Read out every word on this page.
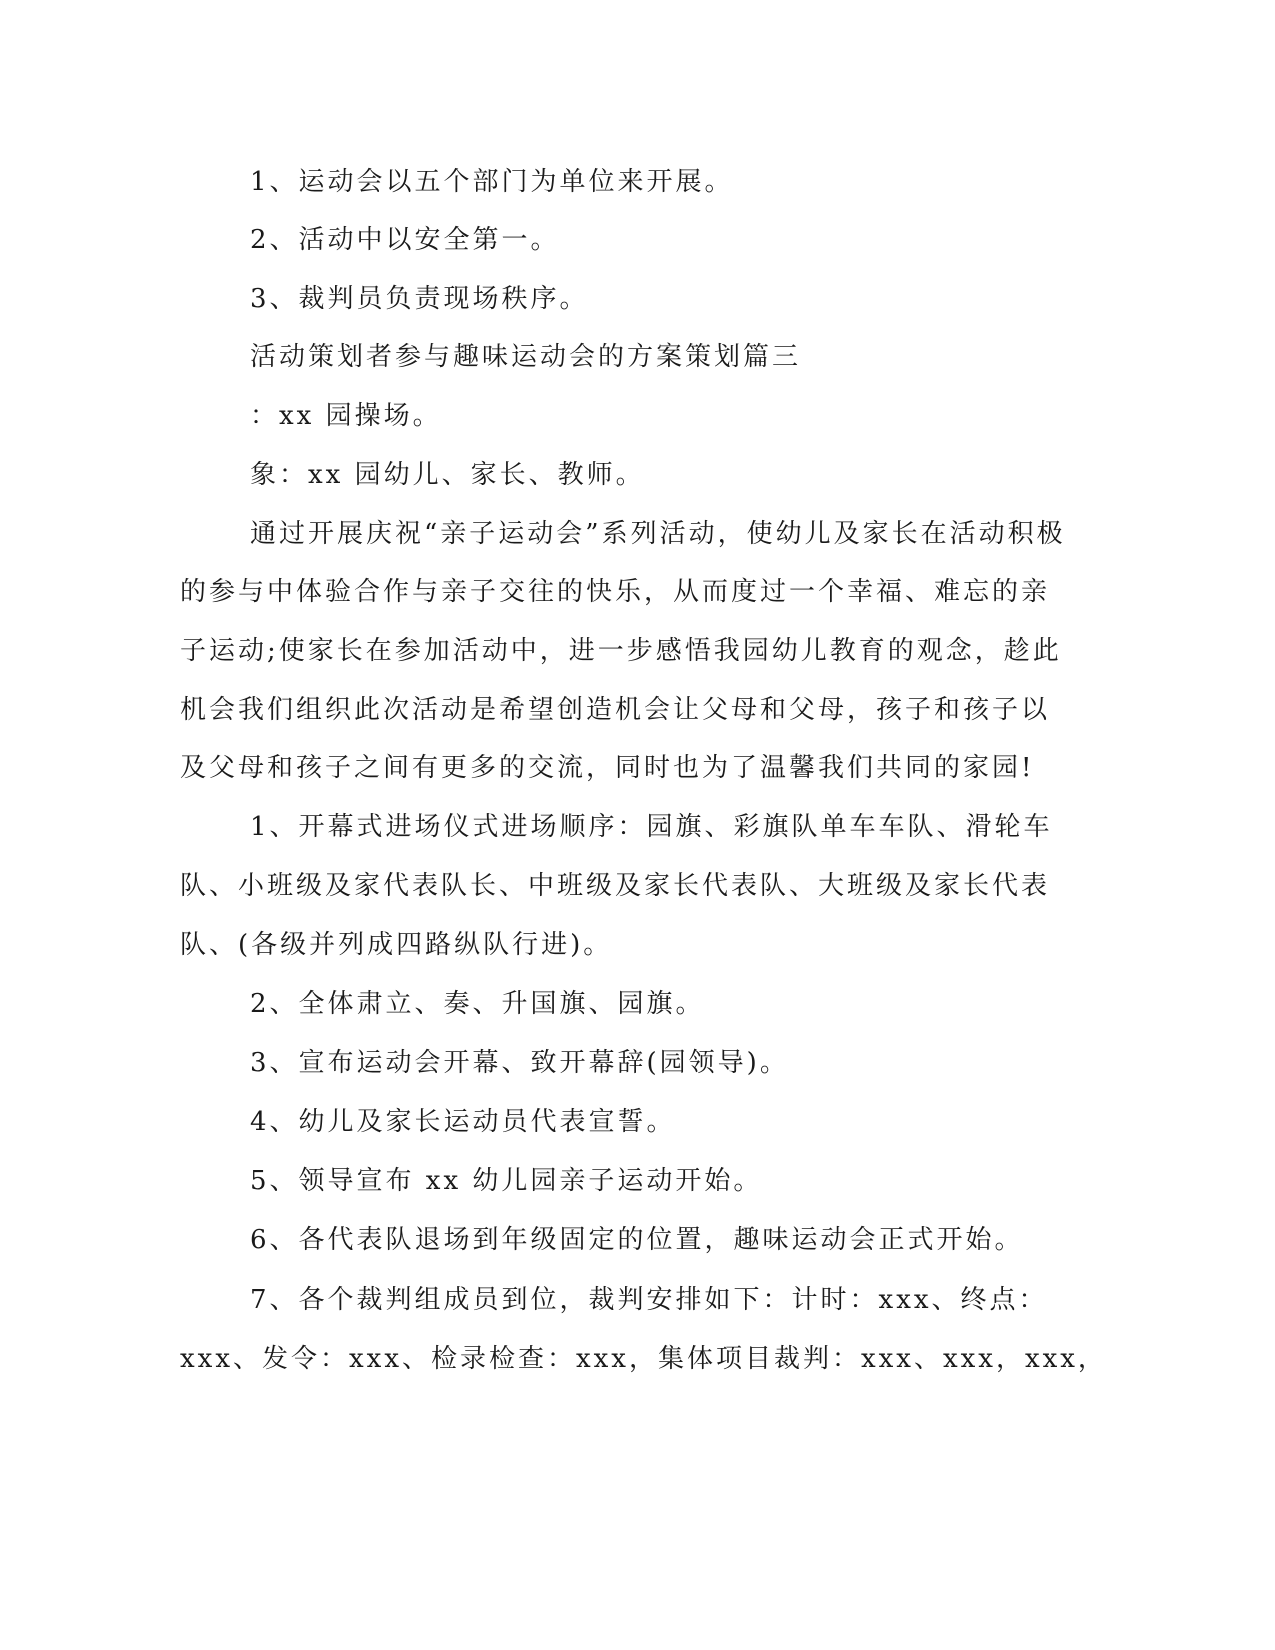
1、运动会以五个部门为单位来开展。
2、活动中以安全第一。
3、裁判员负责现场秩序。
活动策划者参与趣味运动会的方案策划篇三
：xx 园操场。
象：xx 园幼儿、家长、教师。
通过开展庆祝“亲子运动会”系列活动，使幼儿及家长在活动积极
的参与中体验合作与亲子交往的快乐，从而度过一个幸福、难忘的亲
子运动;使家长在参加活动中，进一步感悟我园幼儿教育的观念，趁此
机会我们组织此次活动是希望创造机会让父母和父母，孩子和孩子以
及父母和孩子之间有更多的交流，同时也为了温馨我们共同的家园!
1、开幕式进场仪式进场顺序：园旗、彩旗队单车车队、滑轮车
队、小班级及家代表队长、中班级及家长代表队、大班级及家长代表
队、(各级并列成四路纵队行进)。
2、全体肃立、奏、升国旗、园旗。
3、宣布运动会开幕、致开幕辞(园领导)。
4、幼儿及家长运动员代表宣誓。
5、领导宣布 xx 幼儿园亲子运动开始。
6、各代表队退场到年级固定的位置，趣味运动会正式开始。
7、各个裁判组成员到位，裁判安排如下：计时：xxx、终点：
xxx、发令：xxx、检录检查：xxx，集体项目裁判：xxx、xxx，xxx，
